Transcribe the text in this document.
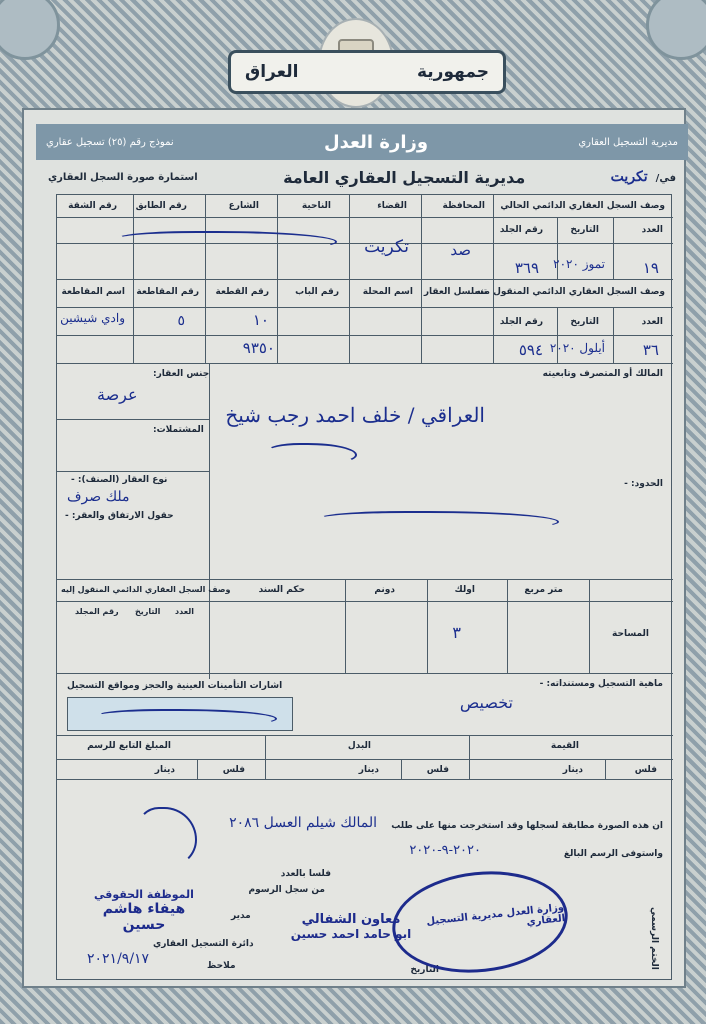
جمهورية
العراق
مديرية التسجيل العقاري
وزارة العدل
نموذج رقم (٢٥) تسجيل عقاري
في/تكريت
مديرية التسجيل العقاري العامة
استمارة صورة السجل العقاري
وصف السجل العقاري الدائمي الحالي
المحافظة
القضاء
الناحية
الشارع
رقم الطابق
رقم الشقة
العدد
التاريخ
رقم الجلد
صد
تكريت
١٩
تموز ٢٠٢٠
٣٦٩
وصف السجل العقاري الدائمي المنقول منه
تسلسل العقار
اسم المحلة
رقم الباب
رقم القطعة
رقم المقاطعة
اسم المقاطعة
العدد
التاريخ
رقم الجلد
٣٦
أيلول ٢٠٢٠
٥٩٤
١٠
٩٣٥٠
٥
وادي شيشين
المالك أو المتصرف وتابعيته
العراقي / خلف احمد رجب شيخ
جنس العقار:
عرصة
المشتملات:
نوع العقار (الصنف): -
ملك صرف
حقول الارتفاق والعقر: -
الحدود: -
المساحة
متر مربع
اولك
دونم
حكم السند
٣
وصف السجل العقاري الدائمي المنقول إليه
العدد
التاريخ
رقم المجلد
ماهية التسجيل ومستنداته: -
تخصيص
اشارات التأمينات العينية والحجز ومواقع التسجيل
القيمة
البدل
المبلغ التابع للرسم
فلس
دينار
فلس
دينار
فلس
دينار
ان هذه الصورة مطابقة لسجلها وقد استخرجت منها على طلب
المالك شيلم العسل ٢٠٨٦
واستوفى الرسم البالغ
٢٠٢٠-٩-٢٠٢٠
فلسا بالعدد
من سجل الرسوم
الختم الرسمي
مدير
دائرة التسجيل العقاري
ملاحظ	التاريخ
٢٠٢١/٩/١٧
الموظفة الحقوقي
هيفاء هاشم حسين	معاون الشفالي
ابو حامد احمد حسين
وزارة العدل مديرية التسجيل العقاري
